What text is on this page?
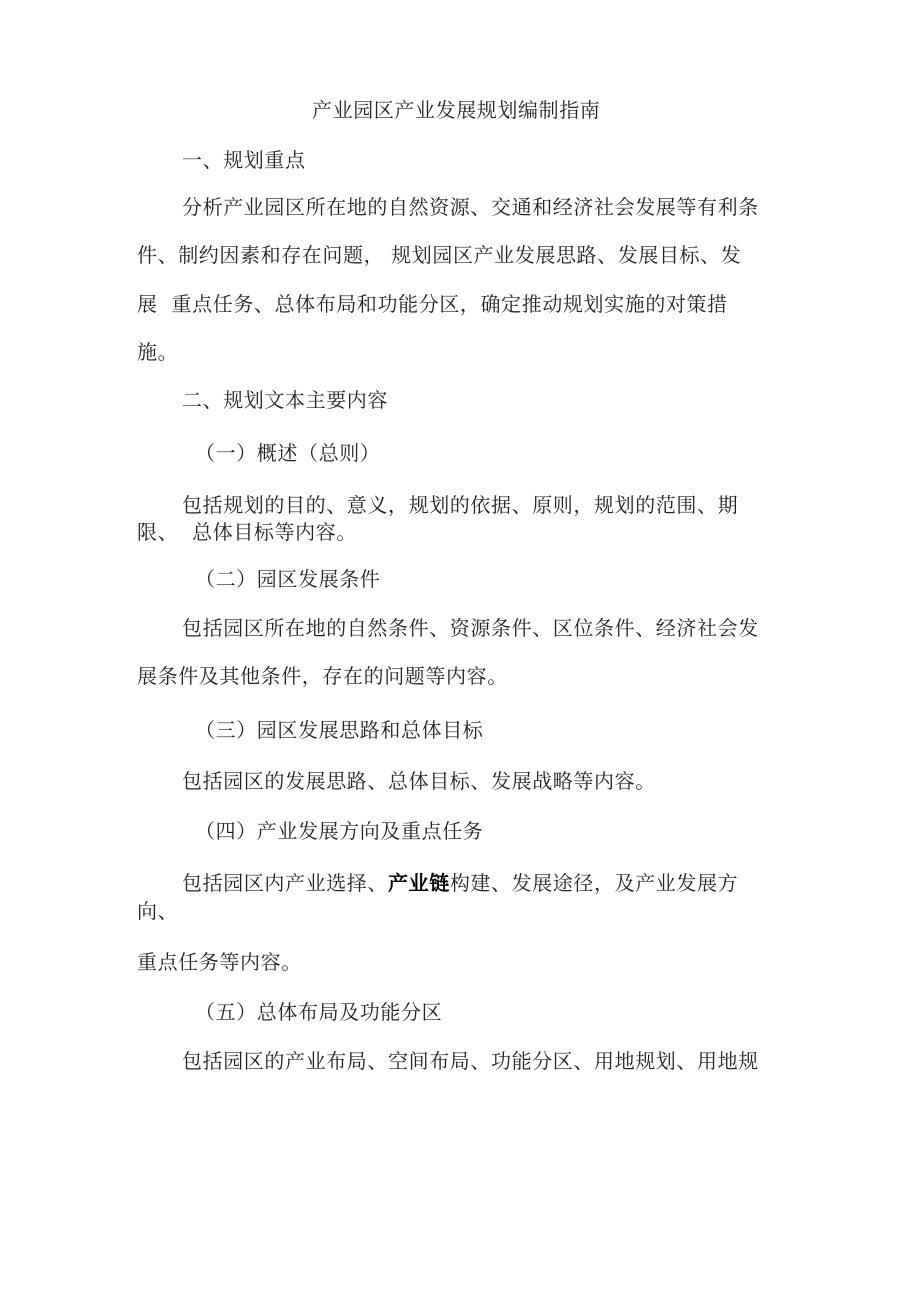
产业园区产业发展规划编制指南
一、规划重点
分析产业园区所在地的自然资源、交通和经济社会发展等有利条
件、制约因素和存在问题， 规划园区产业发展思路、发展目标、发
展  重点任务、总体布局和功能分区，确定推动规划实施的对策措
施。
二、规划文本主要内容
（一）概述（总则）
包括规划的目的、意义，规划的依据、原则，规划的范围、期
限、  总体目标等内容。
（二）园区发展条件
包括园区所在地的自然条件、资源条件、区位条件、经济社会发
展条件及其他条件，存在的问题等内容。
（三）园区发展思路和总体目标
包括园区的发展思路、总体目标、发展战略等内容。
（四）产业发展方向及重点任务
包括园区内产业选择、产业链构建、发展途径，及产业发展方
向、
重点任务等内容。
（五）总体布局及功能分区
包括园区的产业布局、空间布局、功能分区、用地规划、用地规
